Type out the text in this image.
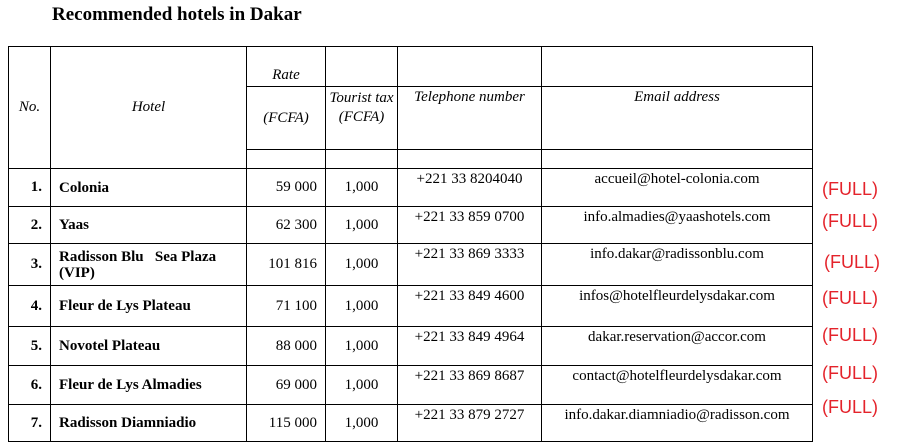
Recommended hotels in Dakar
No.	Hotel	Rate			
		(FCFA)	Tourist tax (FCFA)	Telephone number	Email address

1.	Colonia	59 000	1,000	+221 33 8204040	accueil@hotel-colonia.com
2.	Yaas	62 300	1,000	+221 33 859 0700	info.almadies@yaashotels.com
3.	Radisson Blu   Sea Plaza (VIP)	101 816	1,000	+221 33 869 3333	info.dakar@radissonblu.com
4.	Fleur de Lys Plateau	71 100	1,000	+221 33 849 4600	infos@hotelfleurdelysdakar.com
5.	Novotel Plateau	88 000	1,000	+221 33 849 4964	dakar.reservation@accor.com
6.	Fleur de Lys Almadies	69 000	1,000	+221 33 869 8687	contact@hotelfleurdelysdakar.com
7.	Radisson Diamniadio	115 000	1,000	+221 33 879 2727	info.dakar.diamniadio@radisson.com
(FULL)
(FULL)
(FULL)
(FULL)
(FULL)
(FULL)
(FULL)
